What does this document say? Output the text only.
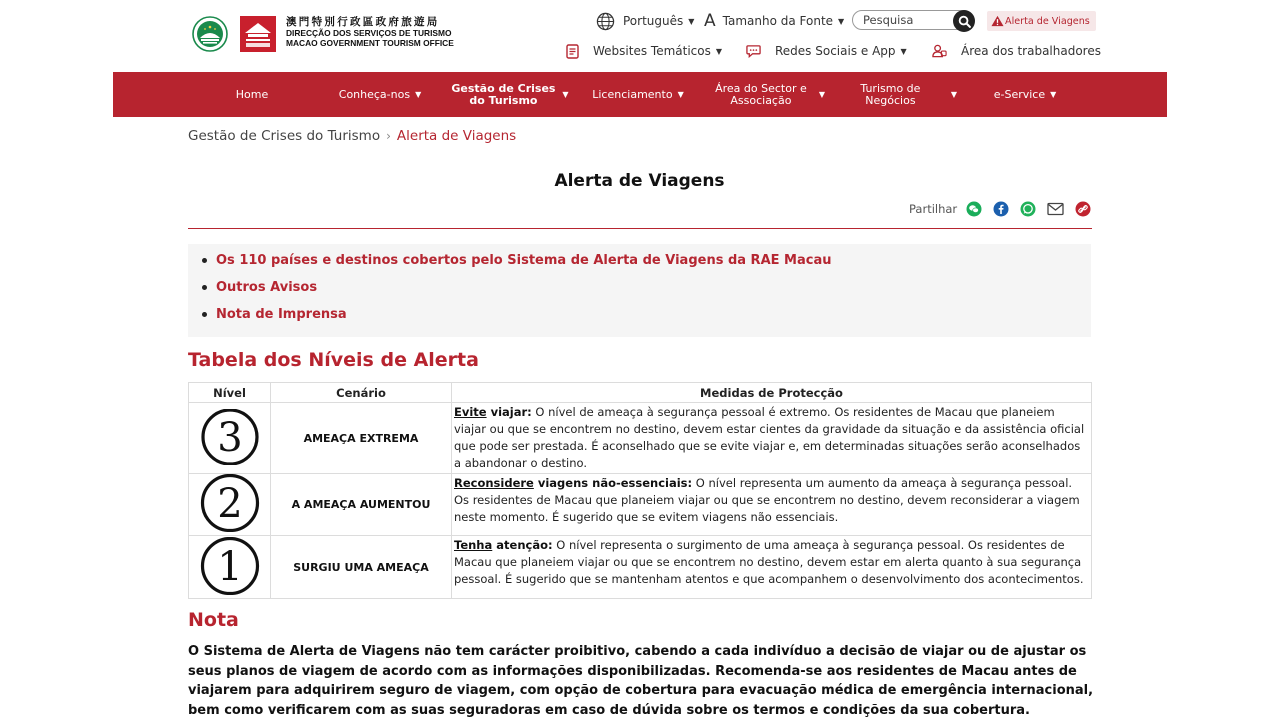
澳門特別行政區政府旅遊局
DIRECÇÃO DOS SERVIÇOS DE TURISMO
MACAO GOVERNMENT TOURISM OFFICE
Português ▼ A Tamanho da Fonte ▼
Pesquisa	Alerta de Viagens
Websites Temáticos ▼	Redes Sociais e App ▼	Área dos trabalhadores
Home	Conheça-nos ▼	Gestão de Crises do Turismo	▼ Licenciamento ▼	Área do Sector e Associação	▼	Turismo de Negócios	▼	e-Service ▼
Gestão de Crises do Turismo › Alerta de Viagens
Alerta de Viagens
Partilhar
Os 110 países e destinos cobertos pelo Sistema de Alerta de Viagens da RAE Macau
Outros Avisos
Nota de Imprensa
Tabela dos Níveis de Alerta
Nível	Cenário	Medidas de Protecção

3	AMEAÇA EXTREMA	Evite viajar: O nível de ameaça à segurança pessoal é extremo. Os residentes de Macau que planeiem viajar ou que se encontrem no destino, devem estar cientes da gravidade da situação e da assistência oficial que pode ser prestada. É aconselhado que se evite viajar e, em determinadas situações serão aconselhados a abandonar o destino.

2	A AMEAÇA AUMENTOU	Reconsidere viagens não-essenciais: O nível representa um aumento da ameaça à segurança pessoal. Os residentes de Macau que planeiem viajar ou que se encontrem no destino, devem reconsiderar a viagem neste momento. É sugerido que se evitem viagens não essenciais.

1	SURGIU UMA AMEAÇA	Tenha atenção: O nível representa o surgimento de uma ameaça à segurança pessoal. Os residentes de Macau que planeiem viajar ou que se encontrem no destino, devem estar em alerta quanto à sua segurança pessoal. É sugerido que se mantenham atentos e que acompanhem o desenvolvimento dos acontecimentos.
Nota

O Sistema de Alerta de Viagens não tem carácter proibitivo, cabendo a cada indivíduo a decisão de viajar ou de ajustar os seus planos de viagem de acordo com as informações disponibilizadas. Recomenda-se aos residentes de Macau antes de viajarem para adquirirem seguro de viagem, com opção de cobertura para evacuação médica de emergência internacional, bem como verificarem com as suas seguradoras em caso de dúvida sobre os termos e condições da sua cobertura.
